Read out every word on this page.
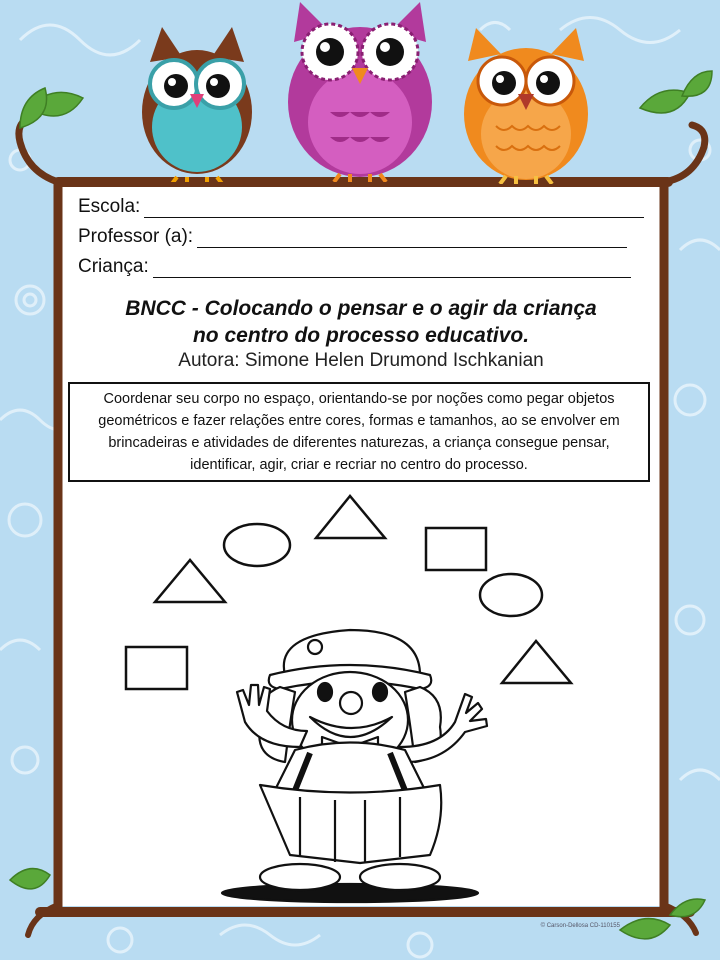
Escola:
Professor (a):
Criança:
BNCC - Colocando o pensar e o agir da criança
no centro do processo educativo.
Autora: Simone Helen Drumond Ischkanian
Coordenar seu corpo no espaço, orientando-se por noções como pegar objetos geométricos e fazer relações entre cores, formas e tamanhos, ao se envolver em brincadeiras e atividades de diferentes naturezas, a criança consegue pensar, identificar, agir, criar e recriar no centro do processo.
© Carson-Dellosa CD-110155
